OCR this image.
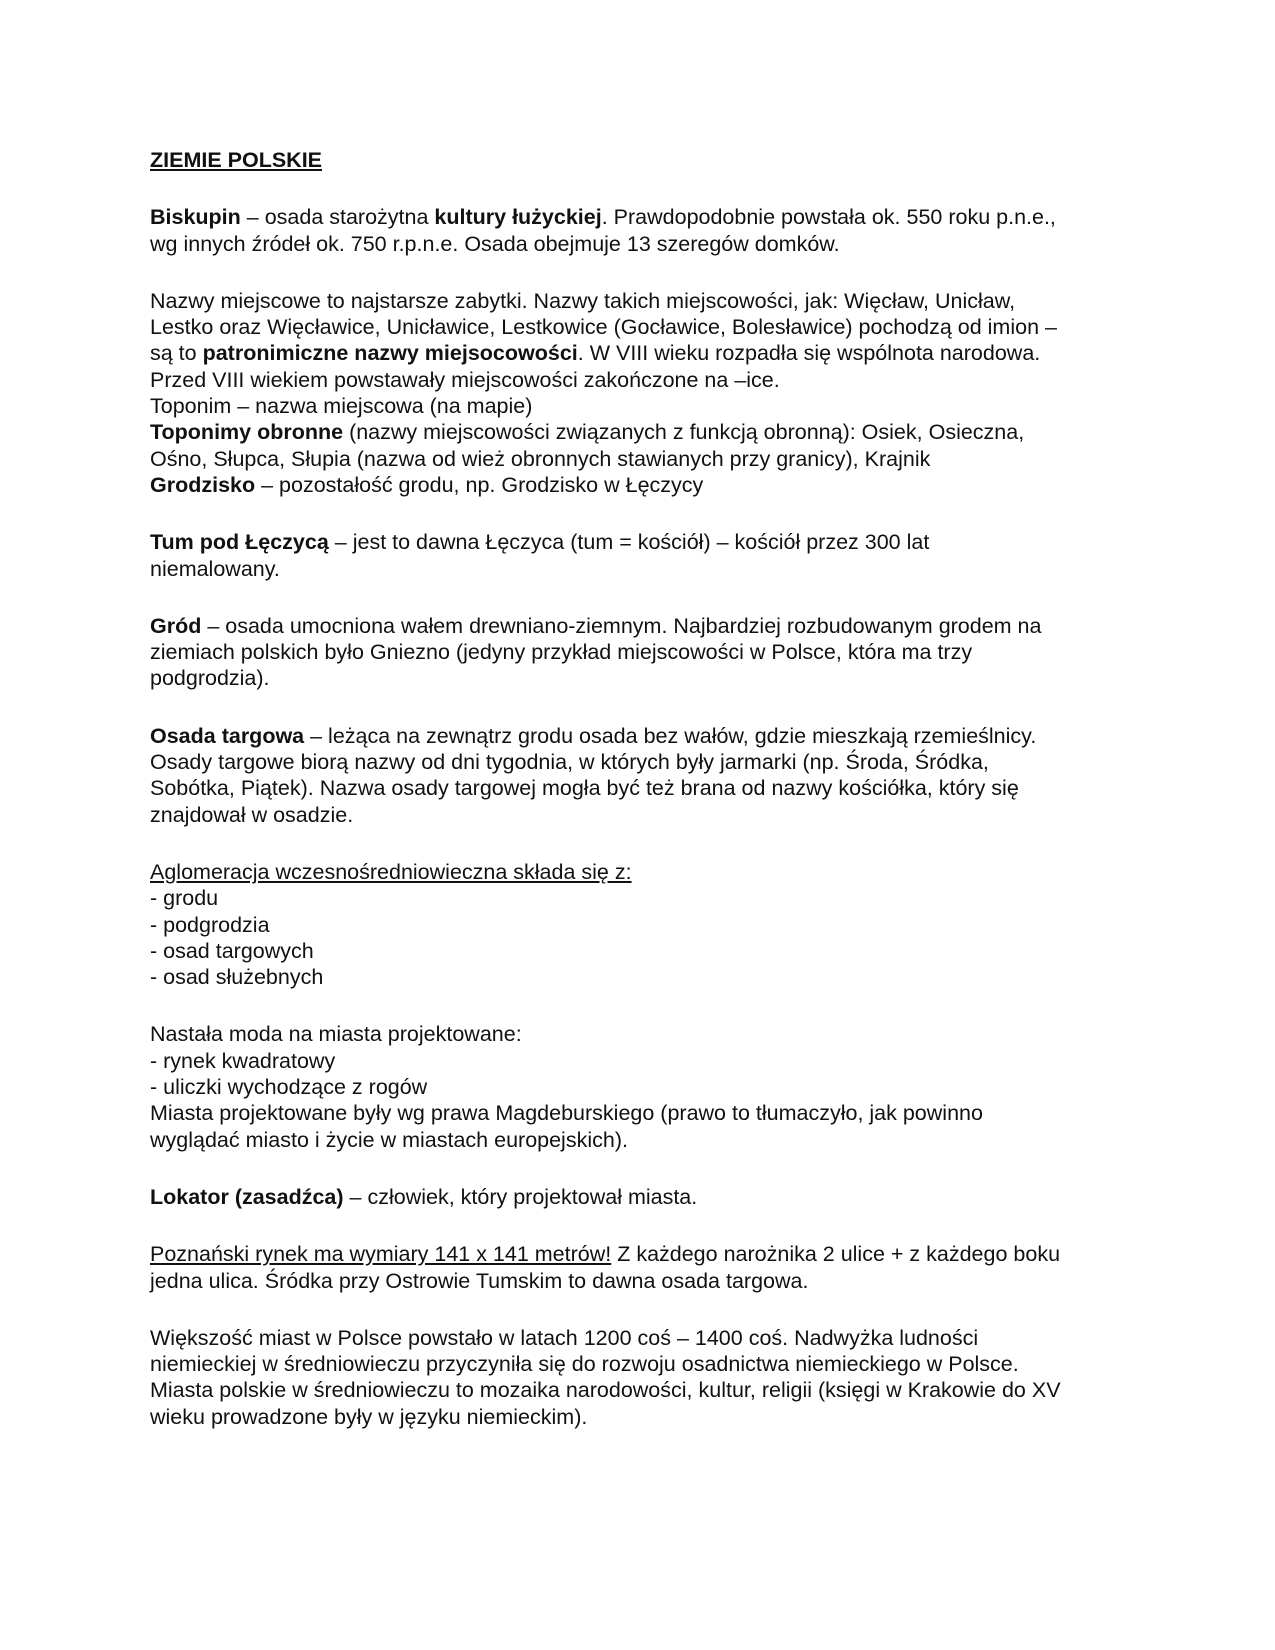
ZIEMIE POLSKIE
Biskupin – osada starożytna kultury łużyckiej. Prawdopodobnie powstała ok. 550 roku p.n.e.,
wg innych źródeł ok. 750 r.p.n.e. Osada obejmuje 13 szeregów domków.
Nazwy miejscowe to najstarsze zabytki. Nazwy takich miejscowości, jak: Więcław, Unicław,
Lestko oraz Więcławice, Unicławice, Lestkowice (Gocławice, Bolesławice) pochodzą od imion –
są to patronimiczne nazwy miejsocowości. W VIII wieku rozpadła się wspólnota narodowa.
Przed VIII wiekiem powstawały miejscowości zakończone na –ice.
Toponim – nazwa miejscowa (na mapie)
Toponimy obronne (nazwy miejscowości związanych z funkcją obronną): Osiek, Osieczna,
Ośno, Słupca, Słupia (nazwa od wież obronnych stawianych przy granicy), Krajnik
Grodzisko – pozostałość grodu, np. Grodzisko w Łęczycy
Tum pod Łęczycą – jest to dawna Łęczyca (tum = kościół) – kościół przez 300 lat
niemalowany.
Gród – osada umocniona wałem drewniano-ziemnym. Najbardziej rozbudowanym grodem na
ziemiach polskich było Gniezno (jedyny przykład miejscowości w Polsce, która ma trzy
podgrodzia).
Osada targowa – leżąca na zewnątrz grodu osada bez wałów, gdzie mieszkają rzemieślnicy.
Osady targowe biorą nazwy od dni tygodnia, w których były jarmarki (np. Środa, Śródka,
Sobótka, Piątek). Nazwa osady targowej mogła być też brana od nazwy kościółka, który się
znajdował w osadzie.
Aglomeracja wczesnośredniowieczna składa się z:
- grodu
- podgrodzia
- osad targowych
- osad służebnych
Nastała moda na miasta projektowane:
- rynek kwadratowy
- uliczki wychodzące z rogów
Miasta projektowane były wg prawa Magdeburskiego (prawo to tłumaczyło, jak powinno
wyglądać miasto i życie w miastach europejskich).
Lokator (zasadźca) – człowiek, który projektował miasta.
Poznański rynek ma wymiary 141 x 141 metrów! Z każdego narożnika 2 ulice + z każdego boku
jedna ulica. Śródka przy Ostrowie Tumskim to dawna osada targowa.
Większość miast w Polsce powstało w latach 1200 coś – 1400 coś. Nadwyżka ludności
niemieckiej w średniowieczu przyczyniła się do rozwoju osadnictwa niemieckiego w Polsce.
Miasta polskie w średniowieczu to mozaika narodowości, kultur, religii (księgi w Krakowie do XV
wieku prowadzone były w języku niemieckim).
